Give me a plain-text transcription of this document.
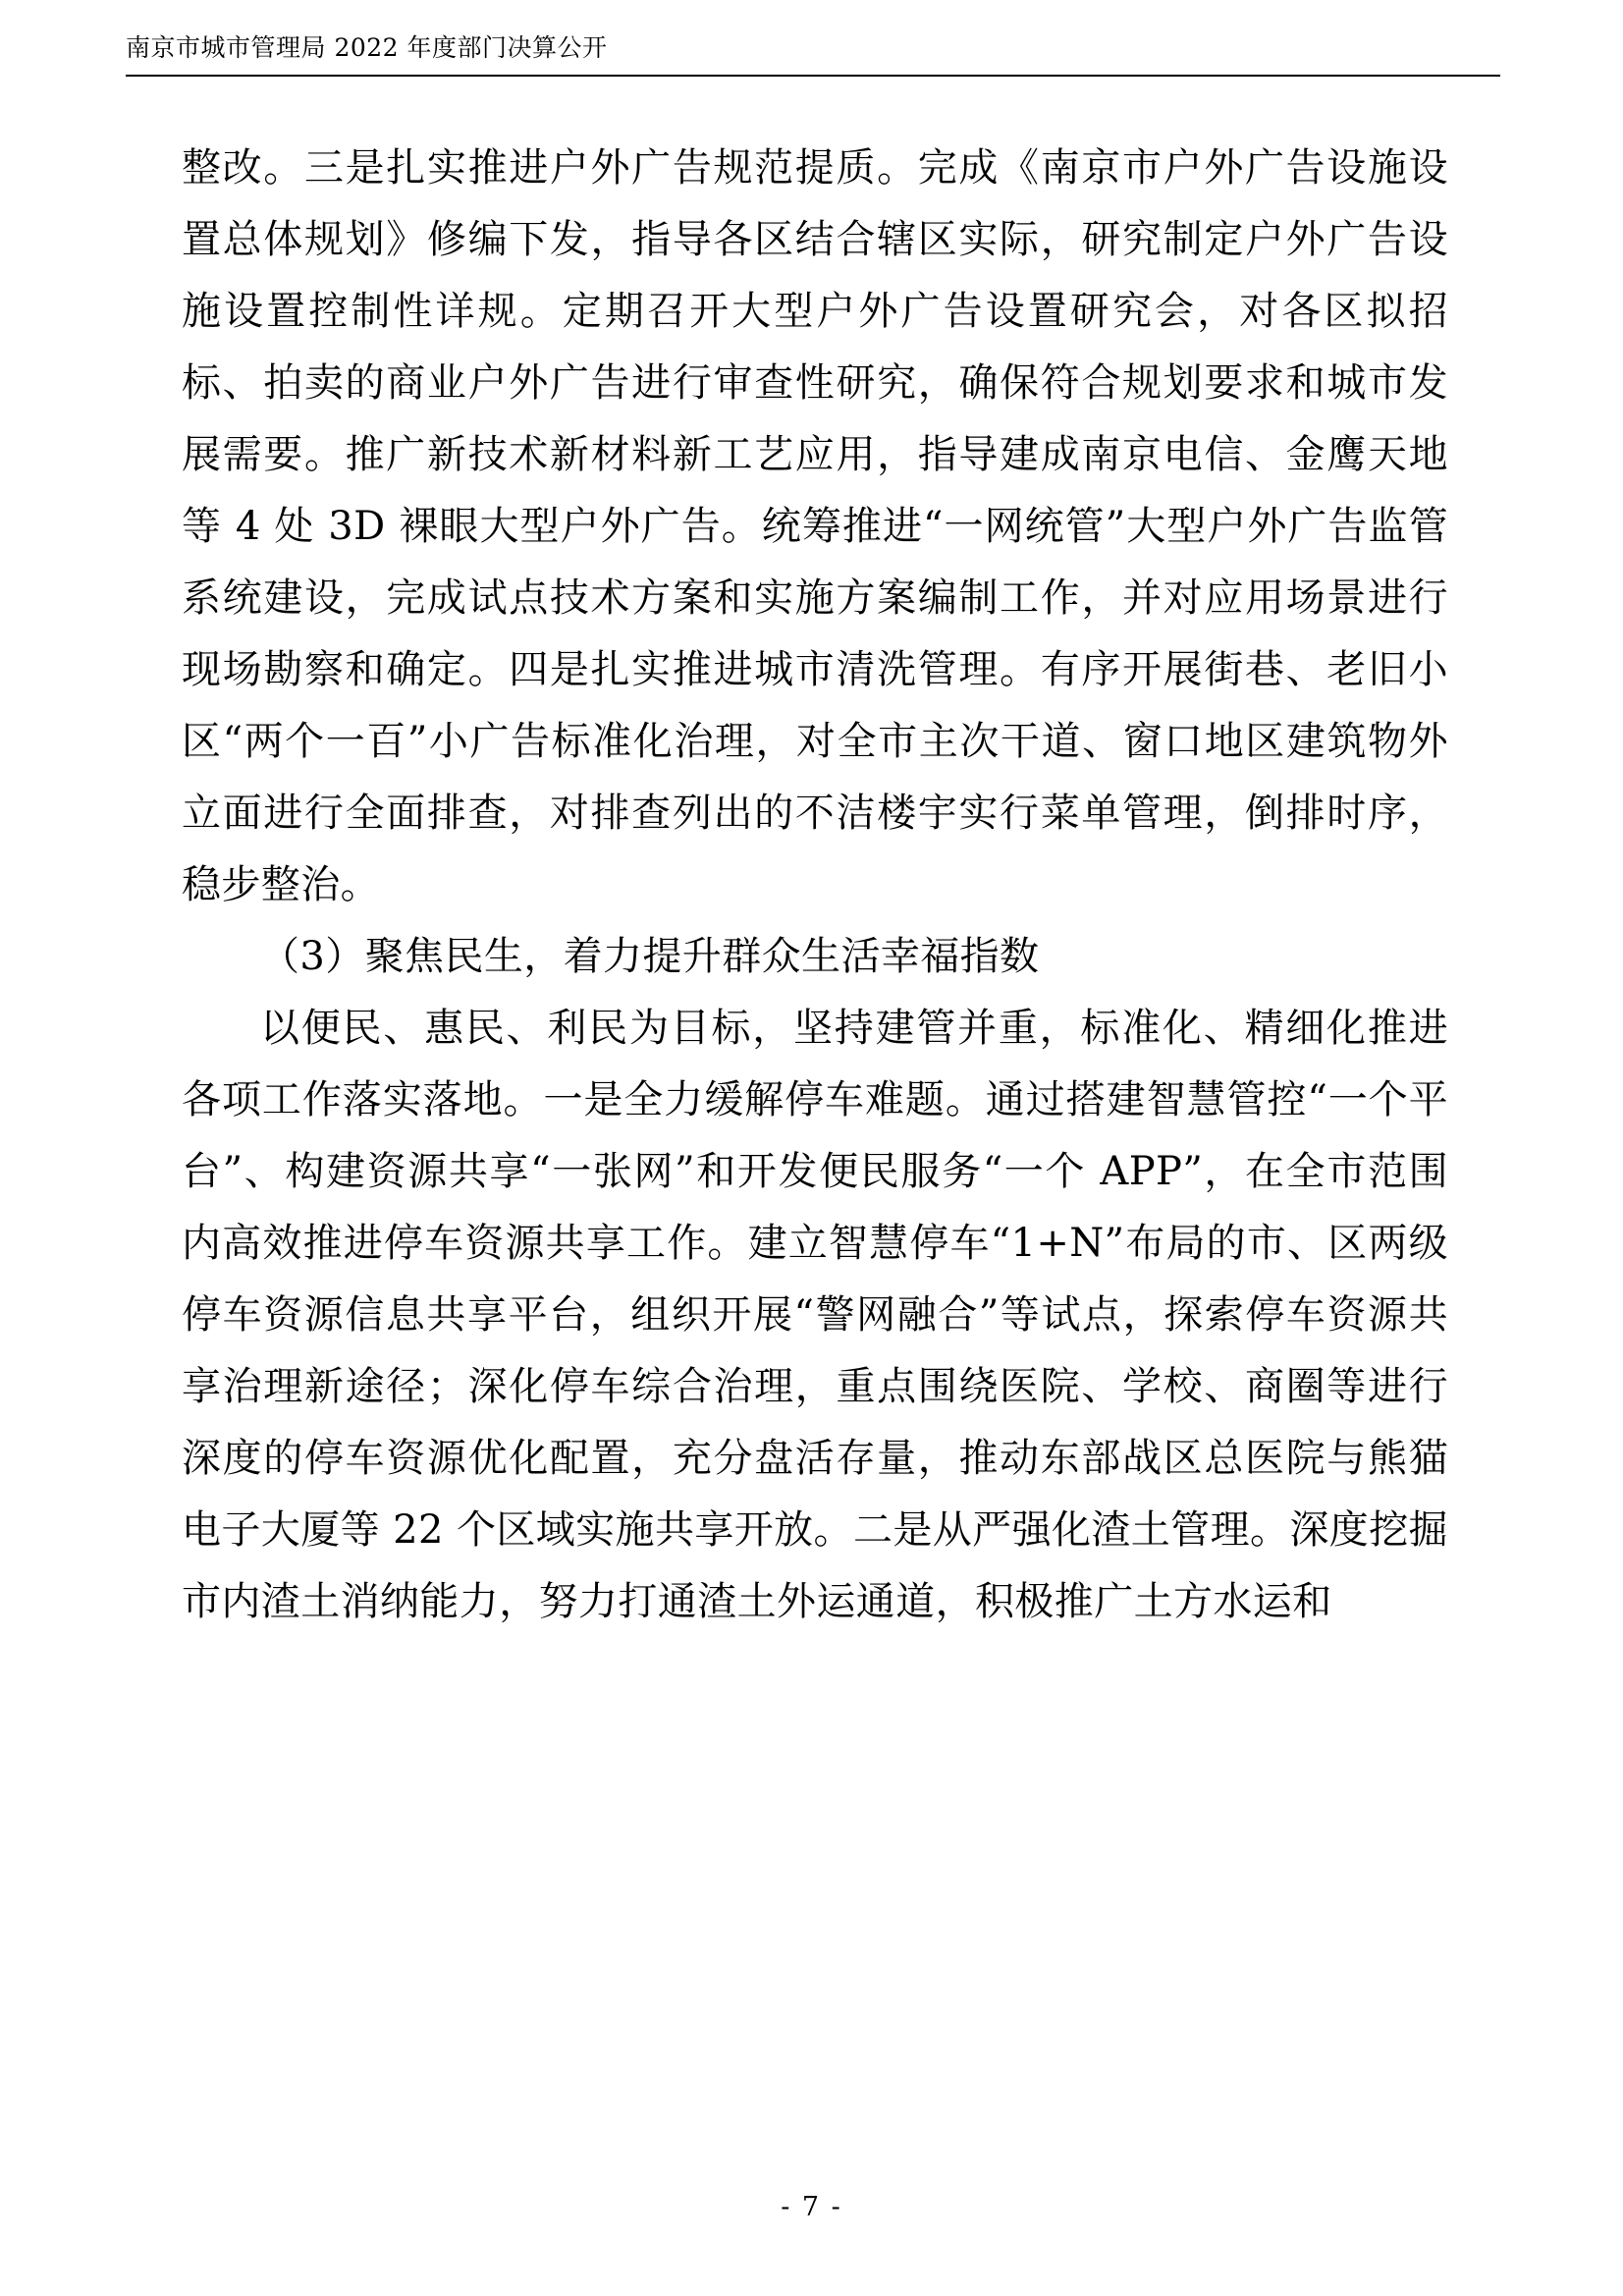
南京市城市管理局 2022 年度部门决算公开

整改。三是扎实推进户外广告规范提质。完成《南京市户外广告设施设置总体规划》修编下发，指导各区结合辖区实际，研究制定户外广告设施设置控制性详规。定期召开大型户外广告设置研究会，对各区拟招标、拍卖的商业户外广告进行审查性研究，确保符合规划要求和城市发展需要。推广新技术新材料新工艺应用，指导建成南京电信、金鹰天地等 4 处 3D 裸眼大型户外广告。统筹推进“一网统管”大型户外广告监管系统建设，完成试点技术方案和实施方案编制工作，并对应用场景进行现场勘察和确定。四是扎实推进城市清洗管理。有序开展街巷、老旧小区“两个一百”小广告标准化治理，对全市主次干道、窗口地区建筑物外立面进行全面排查，对排查列出的不洁楼宇实行菜单管理，倒排时序，稳步整治。

（3）聚焦民生，着力提升群众生活幸福指数

以便民、惠民、利民为目标，坚持建管并重，标准化、精细化推进各项工作落实落地。一是全力缓解停车难题。通过搭建智慧管控“一个平台”、构建资源共享“一张网”和开发便民服务“一个 APP”，在全市范围内高效推进停车资源共享工作。建立智慧停车“1+N”布局的市、区两级停车资源信息共享平台，组织开展“警网融合”等试点，探索停车资源共享治理新途径；深化停车综合治理，重点围绕医院、学校、商圈等进行深度的停车资源优化配置，充分盘活存量，推动东部战区总医院与熊猫电子大厦等 22 个区域实施共享开放。二是从严强化渣土管理。深度挖掘市内渣土消纳能力，努力打通渣土外运通道，积极推广土方水运和

- 7 -
